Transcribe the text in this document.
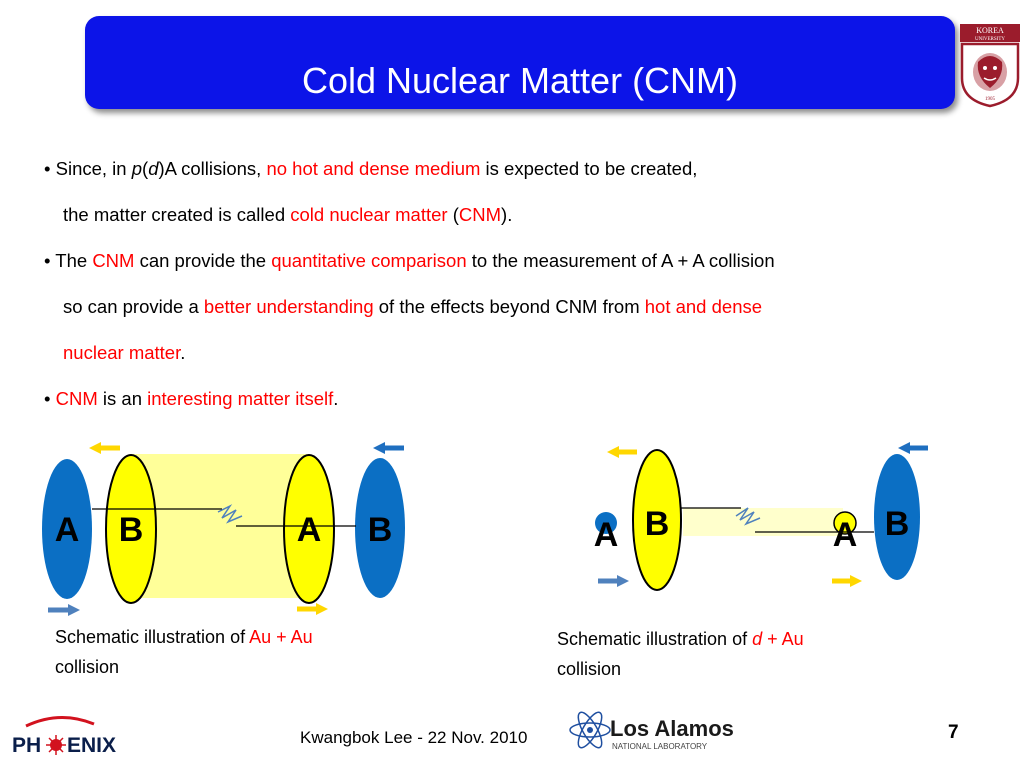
Cold Nuclear Matter (CNM)
KOREA
UNIVERSITY
1905
• Since, in p(d)A collisions, no hot and dense medium is expected to be created,
the matter created is called cold nuclear matter (CNM).
• The CNM can provide the quantitative comparison to the measurement of A + A collision
so can provide a better understanding of the effects beyond CNM from hot and dense
nuclear matter.
• CNM is an interesting matter itself.
A B	A B	A B	A B
Schematic illustration of Au + Au
collision
Schematic illustration of d + Au
collision
PH ENIX	Kwangbok Lee - 22 Nov. 2010	Los Alamos
NATIONAL LABORATORY
7
